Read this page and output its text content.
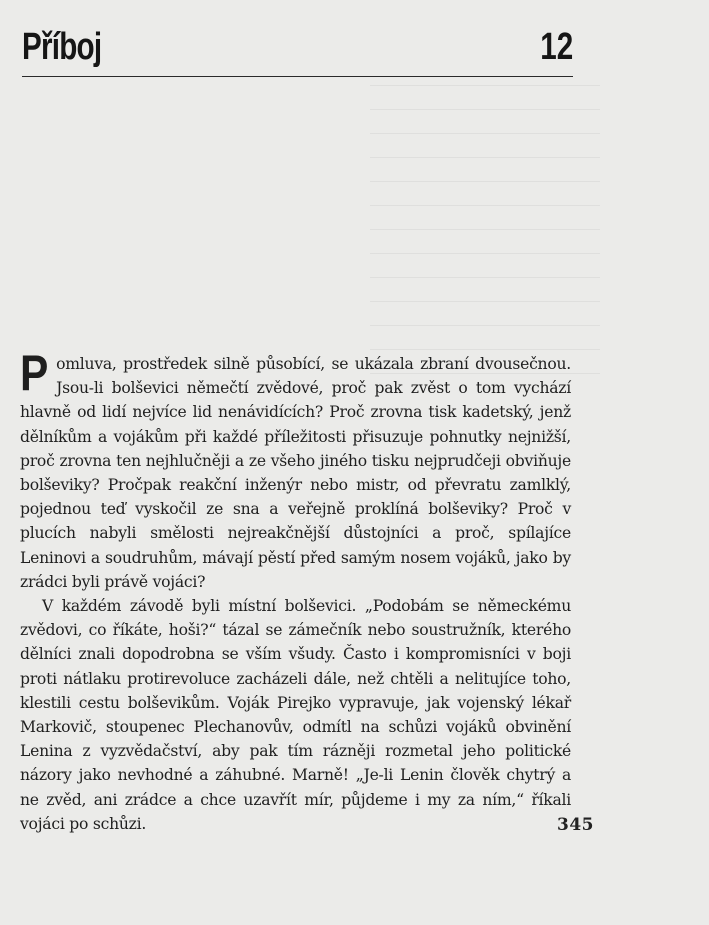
Příboj	12

Pomluva, prostředek silně působící, se ukázala zbraní dvousečnou. Jsou-li bolševici němečtí zvědové, proč pak zvěst o tom vychází hlavně od lidí nejvíce lid nenávidících? Proč zrovna tisk kadetský, jenž dělníkům a vojákům při každé příležitosti přisuzuje pohnutky nejnižší, proč zrovna ten nejhlučněji a ze všeho jiného tisku nejprudčeji obviňuje bolševiky? Pročpak reakční inženýr nebo mistr, od převratu zamlklý, pojednou teď vyskočil ze sna a veřejně proklíná bolševiky? Proč v plucích nabyli smělosti nejreakčnější důstojníci a proč, spílajíce Leninovi a soudruhům, mávají pěstí před samým nosem vojáků, jako by zrádci byli právě vojáci?

V každém závodě byli místní bolševici. „Podobám se německému zvědovi, co říkáte, hoši?“ tázal se zámečník nebo soustružník, kterého dělníci znali dopodrobna se vším všudy. Často i kompromisníci v boji proti nátlaku protirevoluce zacházeli dále, než chtěli a nelitujíce toho, klestili cestu bolševikům. Voják Pirejko vypravuje, jak vojenský lékař Markovič, stoupenec Plechanovův, odmítl na schůzi vojáků obvinění Lenina z vyzvědačství, aby pak tím rázněji rozmetal jeho politické názory jako nevhodné a záhubné. Marně! „Je-li Lenin člověk chytrý a ne zvěd, ani zrádce a chce uzavřít mír, půjdeme i my za ním,“ říkali vojáci po schůzi.	345
